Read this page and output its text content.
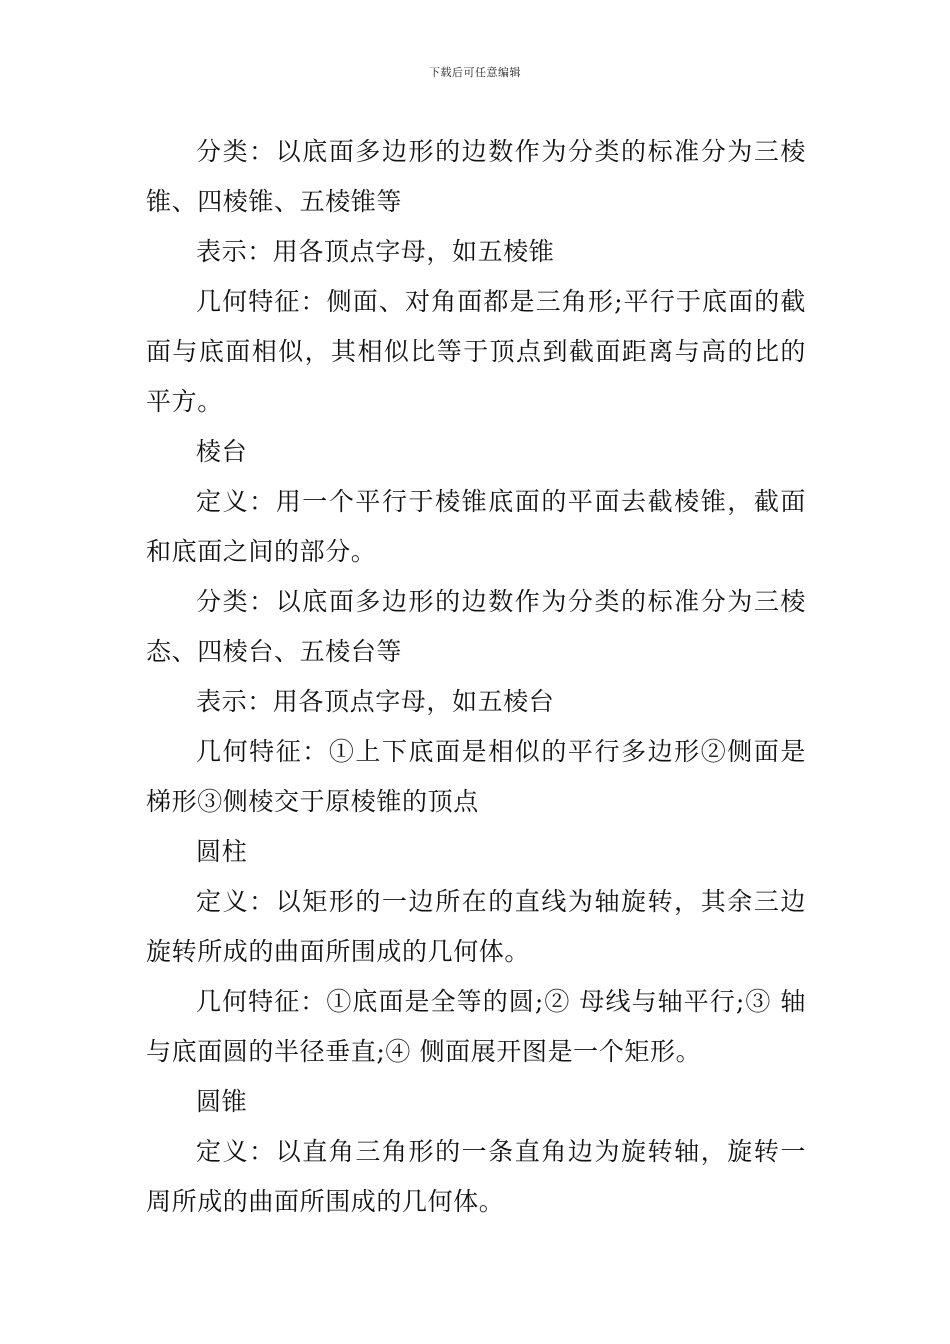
下载后可任意编辑

分类：以底面多边形的边数作为分类的标准分为三棱锥、四棱锥、五棱锥等

表示：用各顶点字母，如五棱锥

几何特征：侧面、对角面都是三角形;平行于底面的截面与底面相似，其相似比等于顶点到截面距离与高的比的平方。

棱台

定义：用一个平行于棱锥底面的平面去截棱锥，截面和底面之间的部分。

分类：以底面多边形的边数作为分类的标准分为三棱态、四棱台、五棱台等

表示：用各顶点字母，如五棱台

几何特征：①上下底面是相似的平行多边形②侧面是梯形③侧棱交于原棱锥的顶点

圆柱

定义：以矩形的一边所在的直线为轴旋转，其余三边旋转所成的曲面所围成的几何体。

几何特征：①底面是全等的圆;② 母线与轴平行;③ 轴与底面圆的半径垂直;④ 侧面展开图是一个矩形。

圆锥

定义：以直角三角形的一条直角边为旋转轴，旋转一周所成的曲面所围成的几何体。
